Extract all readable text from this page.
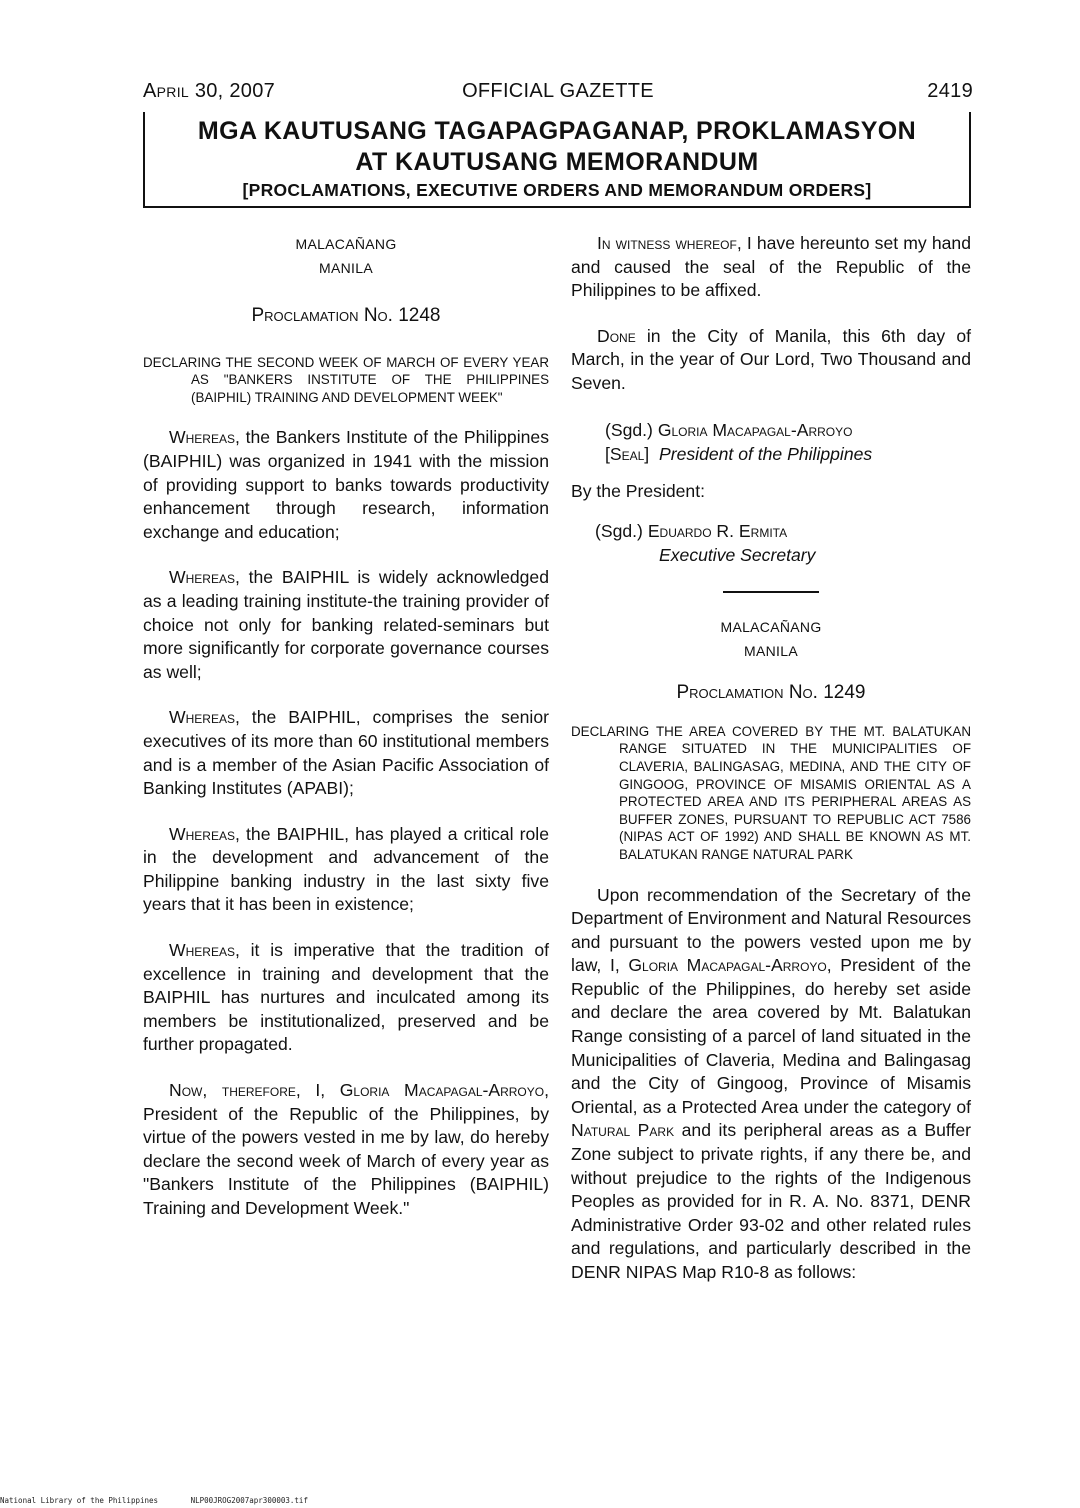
April 30, 2007	OFFICIAL GAZETTE	2419
MGA KAUTUSANG TAGAPAGPAGANAP, PROKLAMASYON
AT KAUTUSANG MEMORANDUM
[PROCLAMATIONS, EXECUTIVE ORDERS AND MEMORANDUM ORDERS]
MALACAÑANG
MANILA
Proclamation No. 1248

DECLARING THE SECOND WEEK OF MARCH OF EVERY YEAR AS "BANKERS INSTITUTE OF THE PHILIPPINES (BAIPHIL) TRAINING AND DEVELOPMENT WEEK"

Whereas, the Bankers Institute of the Philippines (BAIPHIL) was organized in 1941 with the mission of providing support to banks towards productivity enhancement through research, information exchange and education;

Whereas, the BAIPHIL is widely acknowledged as a leading training institute-the training provider of choice not only for banking related-seminars but more significantly for corporate governance courses as well;

Whereas, the BAIPHIL, comprises the senior executives of its more than 60 institutional members and is a member of the Asian Pacific Association of Banking Institutes (APABI);

Whereas, the BAIPHIL, has played a critical role in the development and advancement of the Philippine banking industry in the last sixty five years that it has been in existence;

Whereas, it is imperative that the tradition of excellence in training and development that the BAIPHIL has nurtures and inculcated among its members be institutionalized, preserved and be further propagated.

Now, therefore, I, Gloria Macapagal-Arroyo, President of the Republic of the Philippines, by virtue of the powers vested in me by law, do hereby declare the second week of March of every year as "Bankers Institute of the Philippines (BAIPHIL) Training and Development Week."

In witness whereof, I have hereunto set my hand and caused the seal of the Republic of the Philippines to be affixed.

Done in the City of Manila, this 6th day of March, in the year of Our Lord, Two Thousand and Seven.

(Sgd.) Gloria Macapagal-Arroyo
[Seal] President of the Philippines

By the President:

(Sgd.) Eduardo R. Ermita
Executive Secretary
MALACAÑANG
MANILA
Proclamation No. 1249

DECLARING THE AREA COVERED BY THE MT. BALATUKAN RANGE SITUATED IN THE MUNICIPALITIES OF CLAVERIA, BALINGASAG, MEDINA, AND THE CITY OF GINGOOG, PROVINCE OF MISAMIS ORIENTAL AS A PROTECTED AREA AND ITS PERIPHERAL AREAS AS BUFFER ZONES, PURSUANT TO REPUBLIC ACT 7586 (NIPAS ACT OF 1992) AND SHALL BE KNOWN AS MT. BALATUKAN RANGE NATURAL PARK

Upon recommendation of the Secretary of the Department of Environment and Natural Resources and pursuant to the powers vested upon me by law, I, Gloria Macapagal-Arroyo, President of the Republic of the Philippines, do hereby set aside and declare the area covered by Mt. Balatukan Range consisting of a parcel of land situated in the Municipalities of Claveria, Medina and Balingasag and the City of Gingoog, Province of Misamis Oriental, as a Protected Area under the category of Natural Park and its peripheral areas as a Buffer Zone subject to private rights, if any there be, and without prejudice to the rights of the Indigenous Peoples as provided for in R. A. No. 8371, DENR Administrative Order 93-02 and other related rules and regulations, and particularly described in the DENR NIPAS Map R10-8 as follows:

National Library of the Philippines	NLP00JROG2007apr300003.tif
